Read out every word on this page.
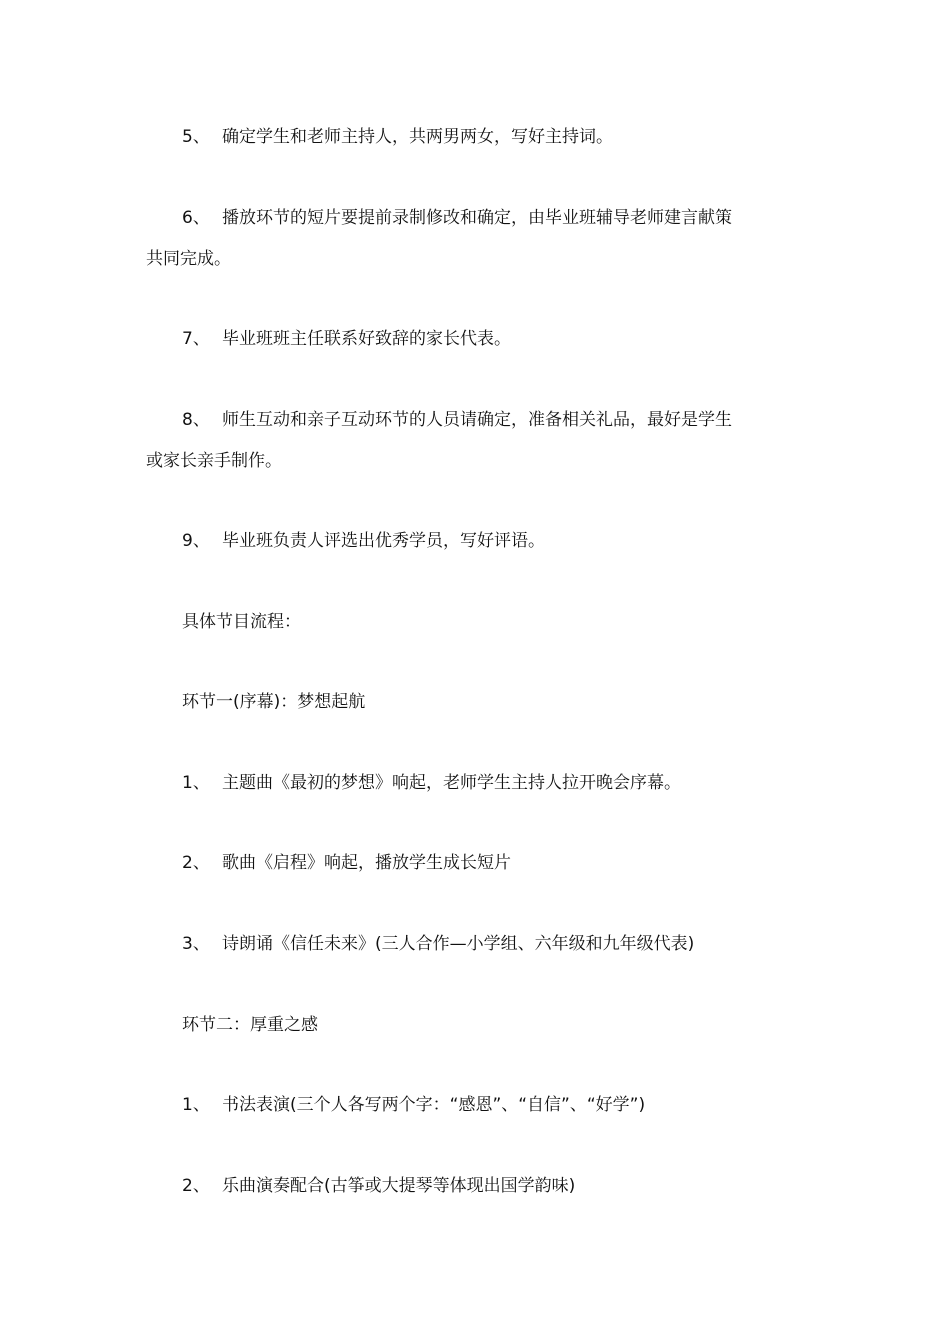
5、 确定学生和老师主持人，共两男两女，写好主持词。
6、 播放环节的短片要提前录制修改和确定，由毕业班辅导老师建言献策
共同完成。
7、 毕业班班主任联系好致辞的家长代表。
8、 师生互动和亲子互动环节的人员请确定，准备相关礼品，最好是学生
或家长亲手制作。
9、 毕业班负责人评选出优秀学员，写好评语。
具体节目流程：
环节一(序幕)：梦想起航
1、 主题曲《最初的梦想》响起，老师学生主持人拉开晚会序幕。
2、 歌曲《启程》响起，播放学生成长短片
3、 诗朗诵《信任未来》(三人合作—小学组、六年级和九年级代表)
环节二：厚重之感
1、 书法表演(三个人各写两个字：“感恩”、“自信”、“好学”)
2、 乐曲演奏配合(古筝或大提琴等体现出国学韵味)
